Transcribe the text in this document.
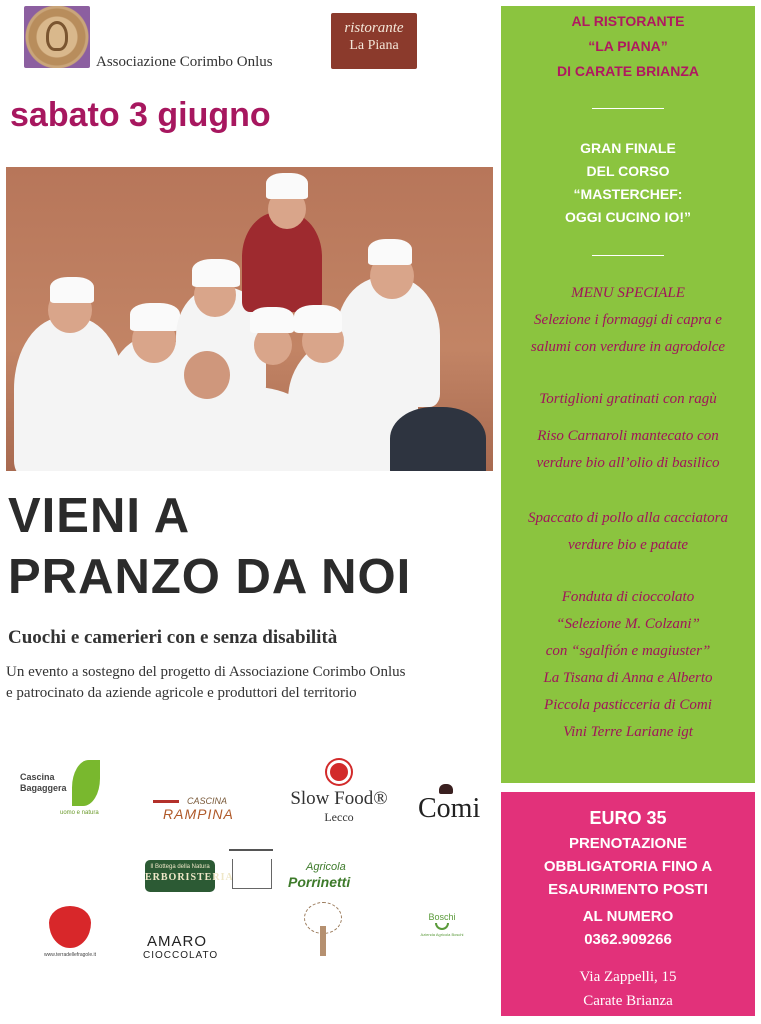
Associazione Corimbo Onlus
ristorante
La Piana
sabato 3 giugno
VIENI A
PRANZO DA NOI
Cuochi e camerieri con e senza disabilità
Un evento a sostegno del progetto di Associazione Corimbo Onlus
e patrocinato da aziende agricole e produttori del territorio
Cascina
Bagaggera
uomo e natura
CASCINA
RAMPINA
Slow Food®
Lecco	Comi
Il Bottega della Natura
ERBORISTERIA
Agricola
Porrinetti
www.terradellefragole.it
AMARO
CIOCCOLATO
Boschi
Azienda Agricola Boschi
AL RISTORANTE
“LA PIANA”
DI CARATE BRIANZA
GRAN FINALE
DEL CORSO
“MASTERCHEF:
OGGI CUCINO IO!”
MENU SPECIALE
Selezione i formaggi di capra e
salumi con verdure in agrodolce
Tortiglioni gratinati con ragù
Riso Carnaroli mantecato con
verdure bio all’olio di basilico
Spaccato di pollo alla cacciatora
verdure bio e patate
Fonduta di cioccolato
“Selezione M. Colzani”
con “sgalfión e magiuster”
La Tisana di Anna e Alberto
Piccola pasticceria di Comi
Vini Terre Lariane igt
EURO 35
PRENOTAZIONE
OBBLIGATORIA FINO A
ESAURIMENTO POSTI
AL NUMERO
0362.909266
Via Zappelli, 15
Carate Brianza
